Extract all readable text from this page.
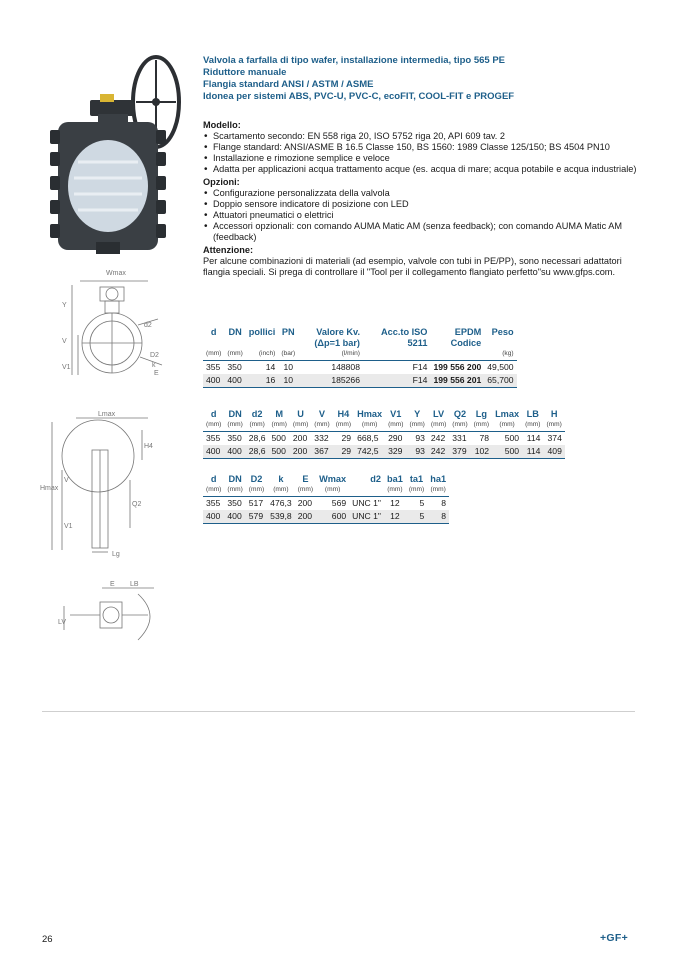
Wmax
Y
V
V1
d2
D2
k
E
Lmax
H4
Hmax
V
V1
Q2
Lg
E LB
LV
Valvola a farfalla di tipo wafer, installazione intermedia, tipo 565 PE
Riduttore manuale
Flangia standard ANSI / ASTM / ASME
Idonea per sistemi ABS, PVC-U, PVC-C, ecoFIT, COOL-FIT e PROGEF
Modello:
• Scartamento secondo: EN 558 riga 20, ISO 5752 riga 20, API 609 tav. 2
• Flange standard: ANSI/ASME B 16.5 Classe 150, BS 1560: 1989 Classe 125/150; BS 4504 PN10
• Installazione e rimozione semplice e veloce
• Adatta per applicazioni acqua trattamento acque (es. acqua di mare; acqua potabile e acqua industriale)
Opzioni:
• Configurazione personalizzata della valvola
• Doppio sensore indicatore di posizione con LED
• Attuatori pneumatici o elettrici
• Accessori opzionali: con comando AUMA Matic AM (senza feedback); con comando AUMA Matic AM (feedback)
Attenzione:

Per alcune combinazioni di materiali (ad esempio, valvole con tubi in PE/PP), sono necessari adattatori flangia speciali. Si prega di controllare il "Tool per il collegamento flangiato perfetto"su www.gfps.com.

d	DN	pollici	PN	Valore Kv.	Acc.to ISO	EPDM	Peso
				(Δp=1 bar)	5211	Codice	
(mm)	(mm)	(inch)	(bar)	(l/min)			(kg)
355	350	14	10	148808	F14	199 556 200	49,500
400	400	16	10	185266	F14	199 556 201	65,700
d	DN	d2	M	U	V	H4	Hmax	V1	Y	LV	Q2	Lg	Lmax	LB	H
(mm)	(mm)	(mm)	(mm)	(mm)	(mm)	(mm)	(mm)	(mm)	(mm)	(mm)	(mm)	(mm)	(mm)	(mm)	(mm)
355	350	28,6	500	200	332	29	668,5	290	93	242	331	78	500	114	374
400	400	28,6	500	200	367	29	742,5	329	93	242	379	102	500	114	409
d	DN	D2	k	E	Wmax	d2	ba1	ta1	ha1
(mm)	(mm)	(mm)	(mm)	(mm)	(mm)		(mm)	(mm)	(mm)
355	350	517	476,3	200	569	UNC 1"	12	5	8
400	400	579	539,8	200	600	UNC 1"	12	5	8
26	+GF+
